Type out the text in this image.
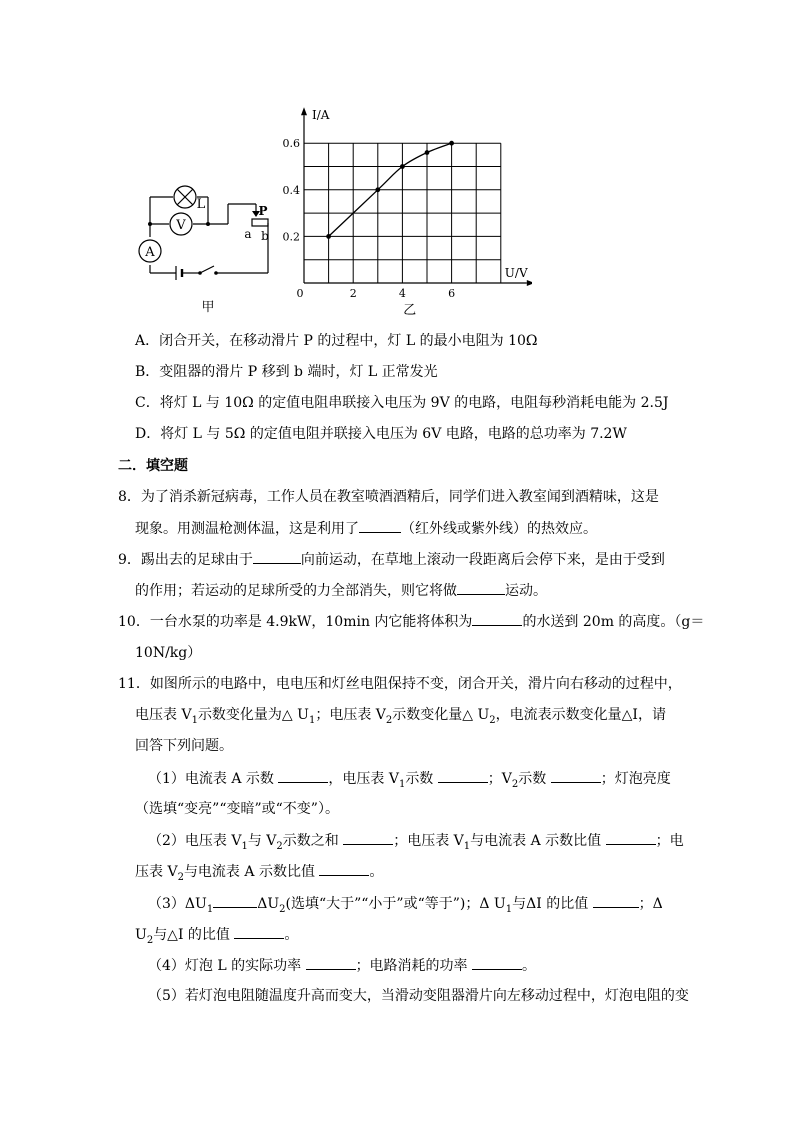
V
A
L	P
a b
甲
0.2
0.4
0.6
2	4	6
I/A
U/V
0
乙
A．闭合开关，在移动滑片 P 的过程中，灯 L 的最小电阻为 10Ω
B．变阻器的滑片 P 移到 b 端时，灯 L 正常发光
C．将灯 L 与 10Ω 的定值电阻串联接入电压为 9V 的电路，电阻每秒消耗电能为 2.5J
D．将灯 L 与 5Ω 的定值电阻并联接入电压为 6V 电路，电路的总功率为 7.2W
二．填空题
8．为了消杀新冠病毒，工作人员在教室喷酒酒精后，同学们进入教室闻到酒精味，这是
现象。用测温枪测体温，这是利用了	（红外线或紫外线）的热效应。
9．踢出去的足球由于	向前运动，在草地上滚动一段距离后会停下来，是由于受到
的作用；若运动的足球所受的力全部消失，则它将做	运动。
10．一台水泵的功率是 4.9kW，10min 内它能将体积为	的水送到 20m 的高度。（g＝
10N/kg）
11．如图所示的电路中，电电压和灯丝电阻保持不变，闭合开关，滑片向右移动的过程中，
电压表 $V_1$示数变化量为△ $U_1$；电压表 $V_2$示数变化量△ $U_2$，电流表示数变化量△I，请
回答下列问题。
（1）电流表 A 示数	，电压表 $V_1$示数	；$V_2$示数	；灯泡亮度
（选填“变亮”“变暗”或“不变”）。
（2）电压表 $V_1$与 $V_2$示数之和	；电压表 $V_1$与电流表 A 示数比值	；电
压表 $V_2$与电流表 A 示数比值	。
$(3)\Delta U_1$	$\Delta U_2$(选填“大于”“小于”或“等于”)；Δ $U_1$与ΔI 的比值	；Δ
$U_2$与△I 的比值	。
（4）灯泡 L 的实际功率	；电路消耗的功率	。
（5）若灯泡电阻随温度升高而变大，当滑动变阻器滑片向左移动过程中，灯泡电阻的变
